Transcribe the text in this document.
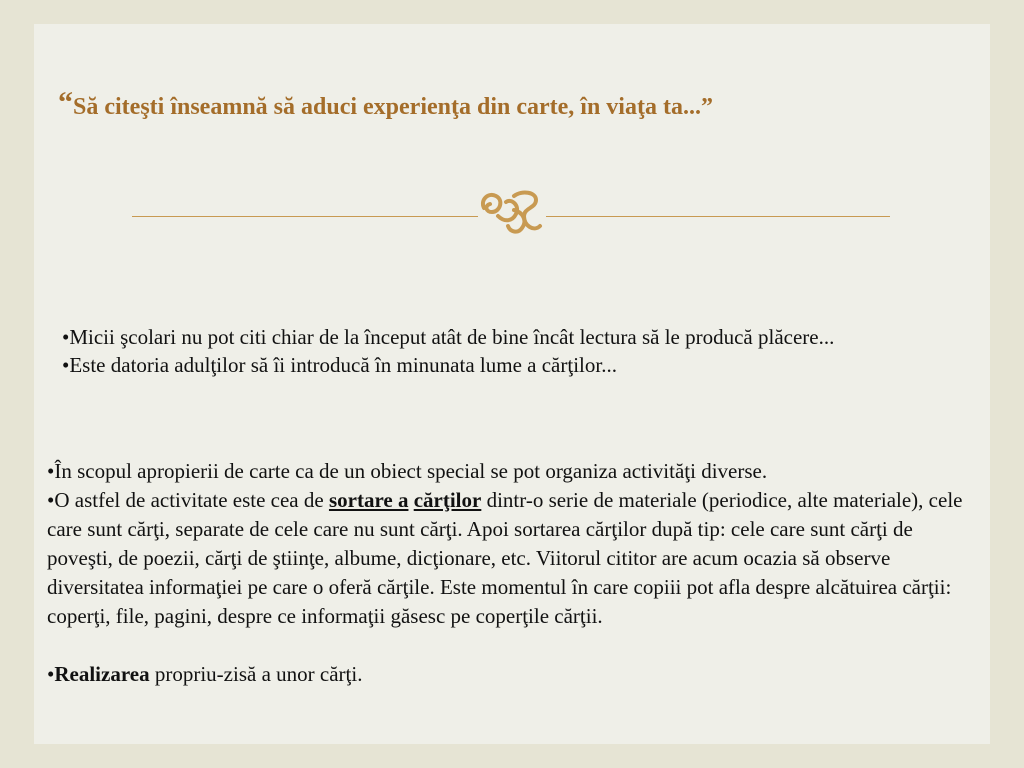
“Să citeşti înseamnă să aduci experienţa din carte, în viaţa ta...”

•Micii şcolari nu pot citi chiar de la început atât de bine încât lectura să le producă plăcere...

•Este datoria adulţilor să îi introducă în minunata lume a cărţilor...

•În scopul apropierii de carte ca de un obiect special se pot organiza activităţi diverse.

•O astfel de activitate este cea de sortare a cărţilor dintr-o serie de materiale (periodice, alte materiale), cele care sunt cărţi, separate de cele care nu sunt cărţi. Apoi sortarea cărţilor după tip: cele care sunt cărţi de poveşti, de poezii, cărţi de ştiinţe, albume, dicţionare, etc. Viitorul cititor are acum ocazia să observe diversitatea informaţiei pe care o oferă cărţile. Este momentul în care copiii pot afla despre alcătuirea cărţii: coperţi, file, pagini, despre ce informaţii găsesc pe coperţile cărţii.

•Realizarea propriu-zisă a unor cărţi.
